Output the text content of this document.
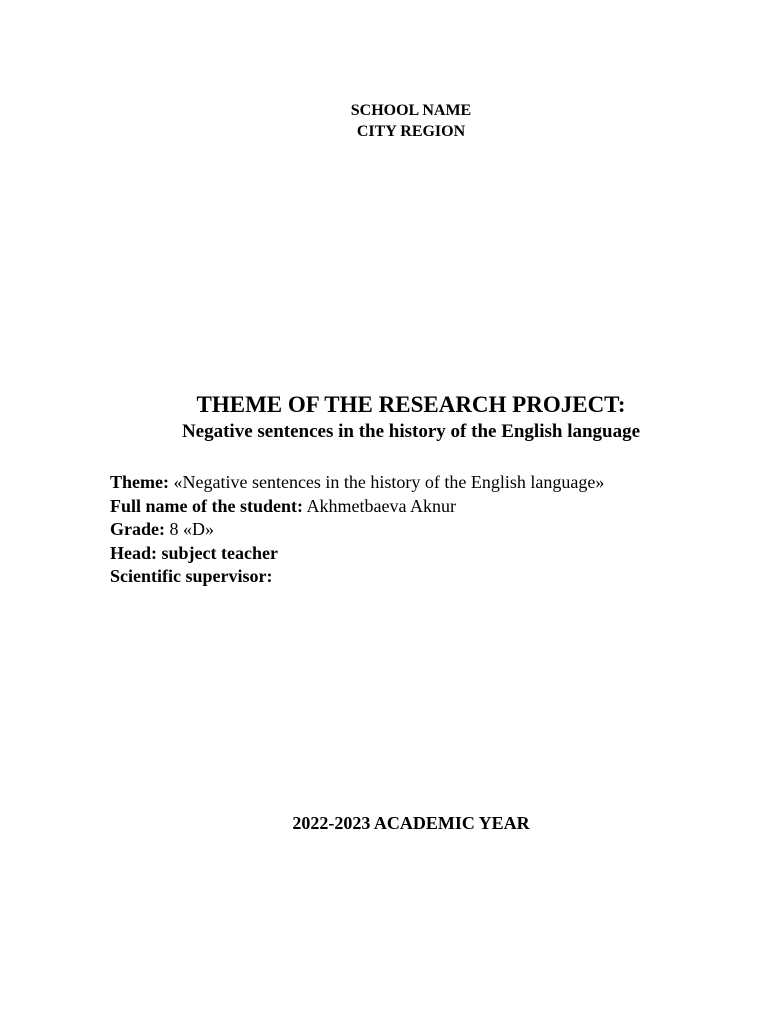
SCHOOL NAME
CITY REGION
THEME OF THE RESEARCH PROJECT:
Negative sentences in the history of the English language
Theme: «Negative sentences in the history of the English language»
Full name of the student: Akhmetbaeva Aknur
Grade: 8 «D»
Head: subject teacher
Scientific supervisor:
2022-2023 ACADEMIC YEAR
